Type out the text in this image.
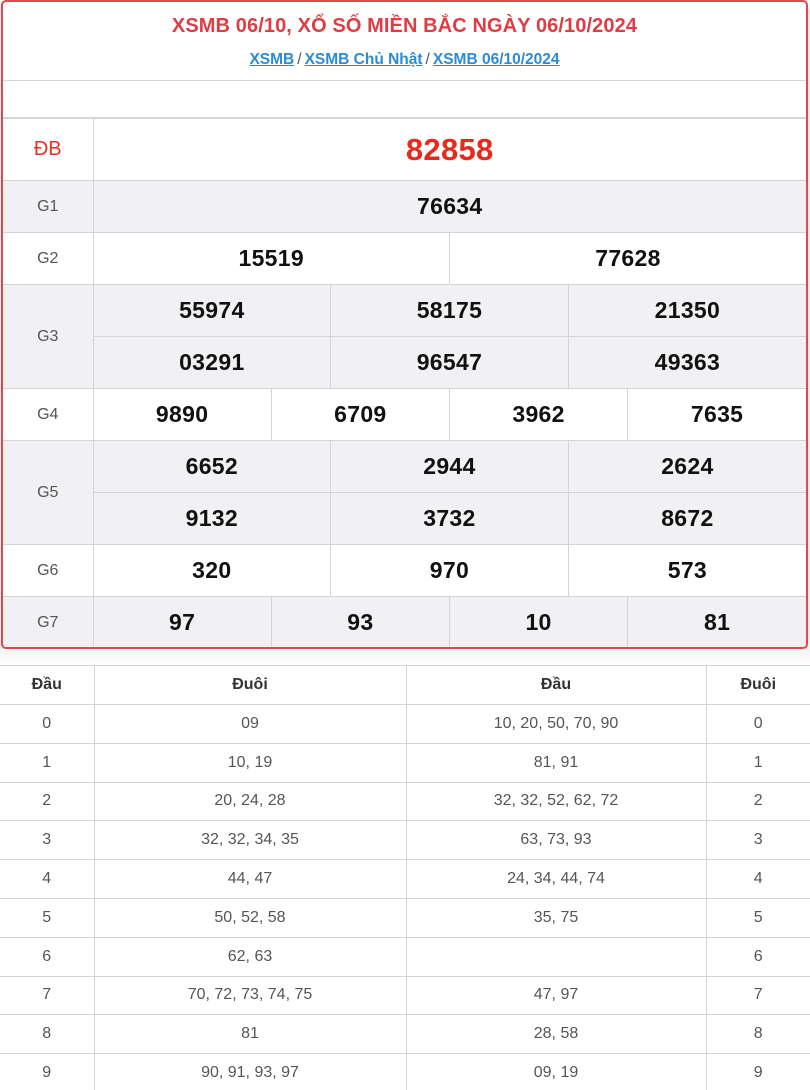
XSMB 06/10, XỔ SỐ MIỀN BẮC NGÀY 06/10/2024
XSMB / XSMB Chủ Nhật / XSMB 06/10/2024
ĐB	82858					
G1	76634					
G2	15519			77628		
G3	55974		58175		21350	
	03291		96547		49363	
G4	9890	6709		3962		7635
G5	6652		2944		2624	
	9132		3732		8672	
G6	320		970		573	
G7	97	93		10		81
Đầu	Đuôi	Đầu	Đuôi
0	09	10, 20, 50, 70, 90	0
1	10, 19	81, 91	1
2	20, 24, 28	32, 32, 52, 62, 72	2
3	32, 32, 34, 35	63, 73, 93	3
4	44, 47	24, 34, 44, 74	4
5	50, 52, 58	35, 75	5
6	62, 63		6
7	70, 72, 73, 74, 75	47, 97	7
8	81	28, 58	8
9	90, 91, 93, 97	09, 19	9
